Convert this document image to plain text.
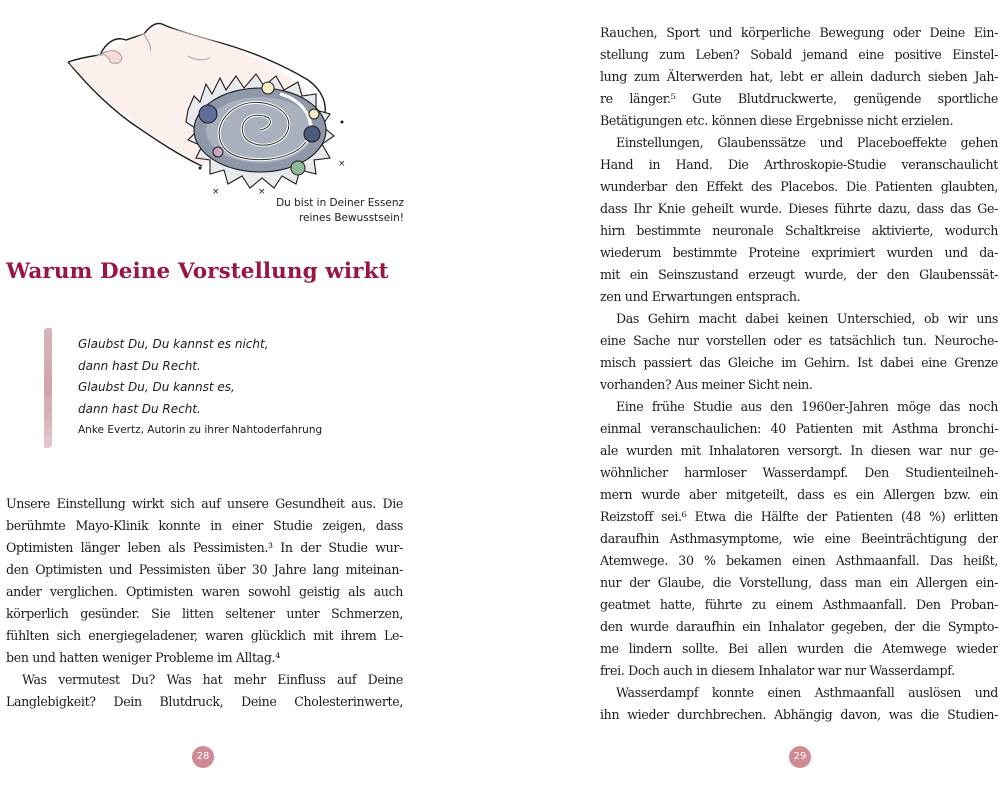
×	×
×
Du bist in Deiner Essenz
reines Bewusstsein!
Warum Deine Vorstellung wirkt
Glaubst Du, Du kannst es nicht,
dann hast Du Recht.
Glaubst Du, Du kannst es,
dann hast Du Recht.
Anke Evertz, Autorin zu ihrer Nahtoderfahrung
Unsere Einstellung wirkt sich auf unsere Gesundheit aus. Die
berühmte Mayo-Klinik konnte in einer Studie zeigen, dass
Optimisten länger leben als Pessimisten.³ In der Studie wur-
den Optimisten und Pessimisten über 30 Jahre lang miteinan-
ander verglichen. Optimisten waren sowohl geistig als auch
körperlich gesünder. Sie litten seltener unter Schmerzen,
fühlten sich energiegeladener, waren glücklich mit ihrem Le-
ben und hatten weniger Probleme im Alltag.⁴
Was vermutest Du? Was hat mehr Einfluss auf Deine
Langlebigkeit? Dein Blutdruck, Deine Cholesterinwerte,
28
Rauchen, Sport und körperliche Bewegung oder Deine Ein-
stellung zum Leben? Sobald jemand eine positive Einstel-
lung zum Älterwerden hat, lebt er allein dadurch sieben Jah-
re länger.⁵ Gute Blutdruckwerte, genügende sportliche
Betätigungen etc. können diese Ergebnisse nicht erzielen.
Einstellungen, Glaubenssätze und Placeboeffekte gehen
Hand in Hand. Die Arthroskopie-Studie veranschaulicht
wunderbar den Effekt des Placebos. Die Patienten glaubten,
dass Ihr Knie geheilt wurde. Dieses führte dazu, dass das Ge-
hirn bestimmte neuronale Schaltkreise aktivierte, wodurch
wiederum bestimmte Proteine exprimiert wurden und da-
mit ein Seinszustand erzeugt wurde, der den Glaubenssät-
zen und Erwartungen entsprach.
Das Gehirn macht dabei keinen Unterschied, ob wir uns
eine Sache nur vorstellen oder es tatsächlich tun. Neuroche-
misch passiert das Gleiche im Gehirn. Ist dabei eine Grenze
vorhanden? Aus meiner Sicht nein.
Eine frühe Studie aus den 1960er-Jahren möge das noch
einmal veranschaulichen: 40 Patienten mit Asthma bronchi-
ale wurden mit Inhalatoren versorgt. In diesen war nur ge-
wöhnlicher harmloser Wasserdampf. Den Studienteilneh-
mern wurde aber mitgeteilt, dass es ein Allergen bzw. ein
Reizstoff sei.⁶ Etwa die Hälfte der Patienten (48 %) erlitten
daraufhin Asthmasymptome, wie eine Beeinträchtigung der
Atemwege. 30 % bekamen einen Asthmaanfall. Das heißt,
nur der Glaube, die Vorstellung, dass man ein Allergen ein-
geatmet hatte, führte zu einem Asthmaanfall. Den Proban-
den wurde daraufhin ein Inhalator gegeben, der die Sympto-
me lindern sollte. Bei allen wurden die Atemwege wieder
frei. Doch auch in diesem Inhalator war nur Wasserdampf.
Wasserdampf konnte einen Asthmaanfall auslösen und
ihn wieder durchbrechen. Abhängig davon, was die Studien-
29
